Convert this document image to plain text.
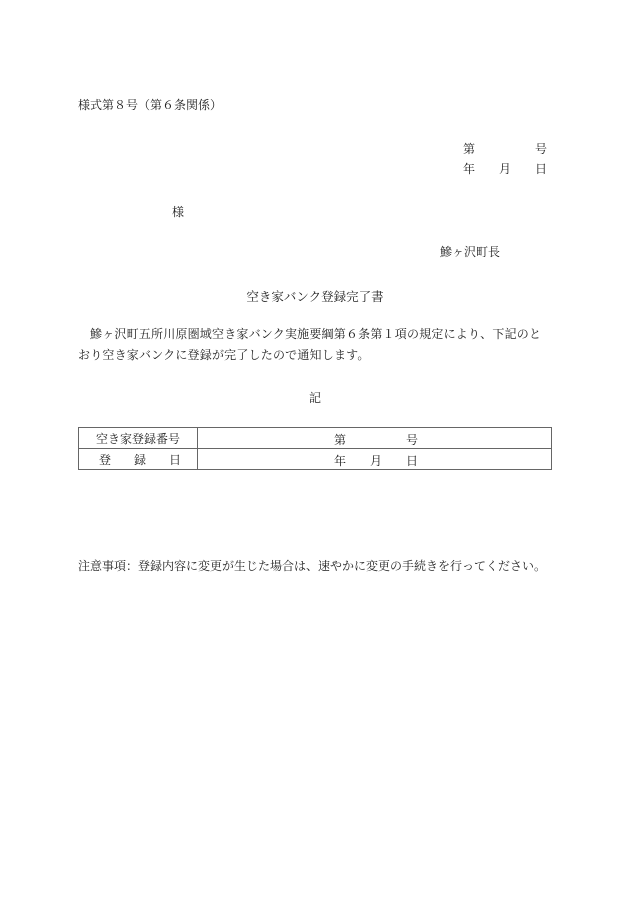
様式第８号（第６条関係）
第	号
年 月 日
様
鰺ヶ沢町長
空き家バンク登録完了書
鰺ヶ沢町五所川原圏域空き家バンク実施要綱第６条第１項の規定により、下記のとおり空き家バンクに登録が完了したので通知します。
記
空き家登録番号	第 号

登 録 日	年 月 日
注意事項：登録内容に変更が生じた場合は、速やかに変更の手続きを行ってください。
